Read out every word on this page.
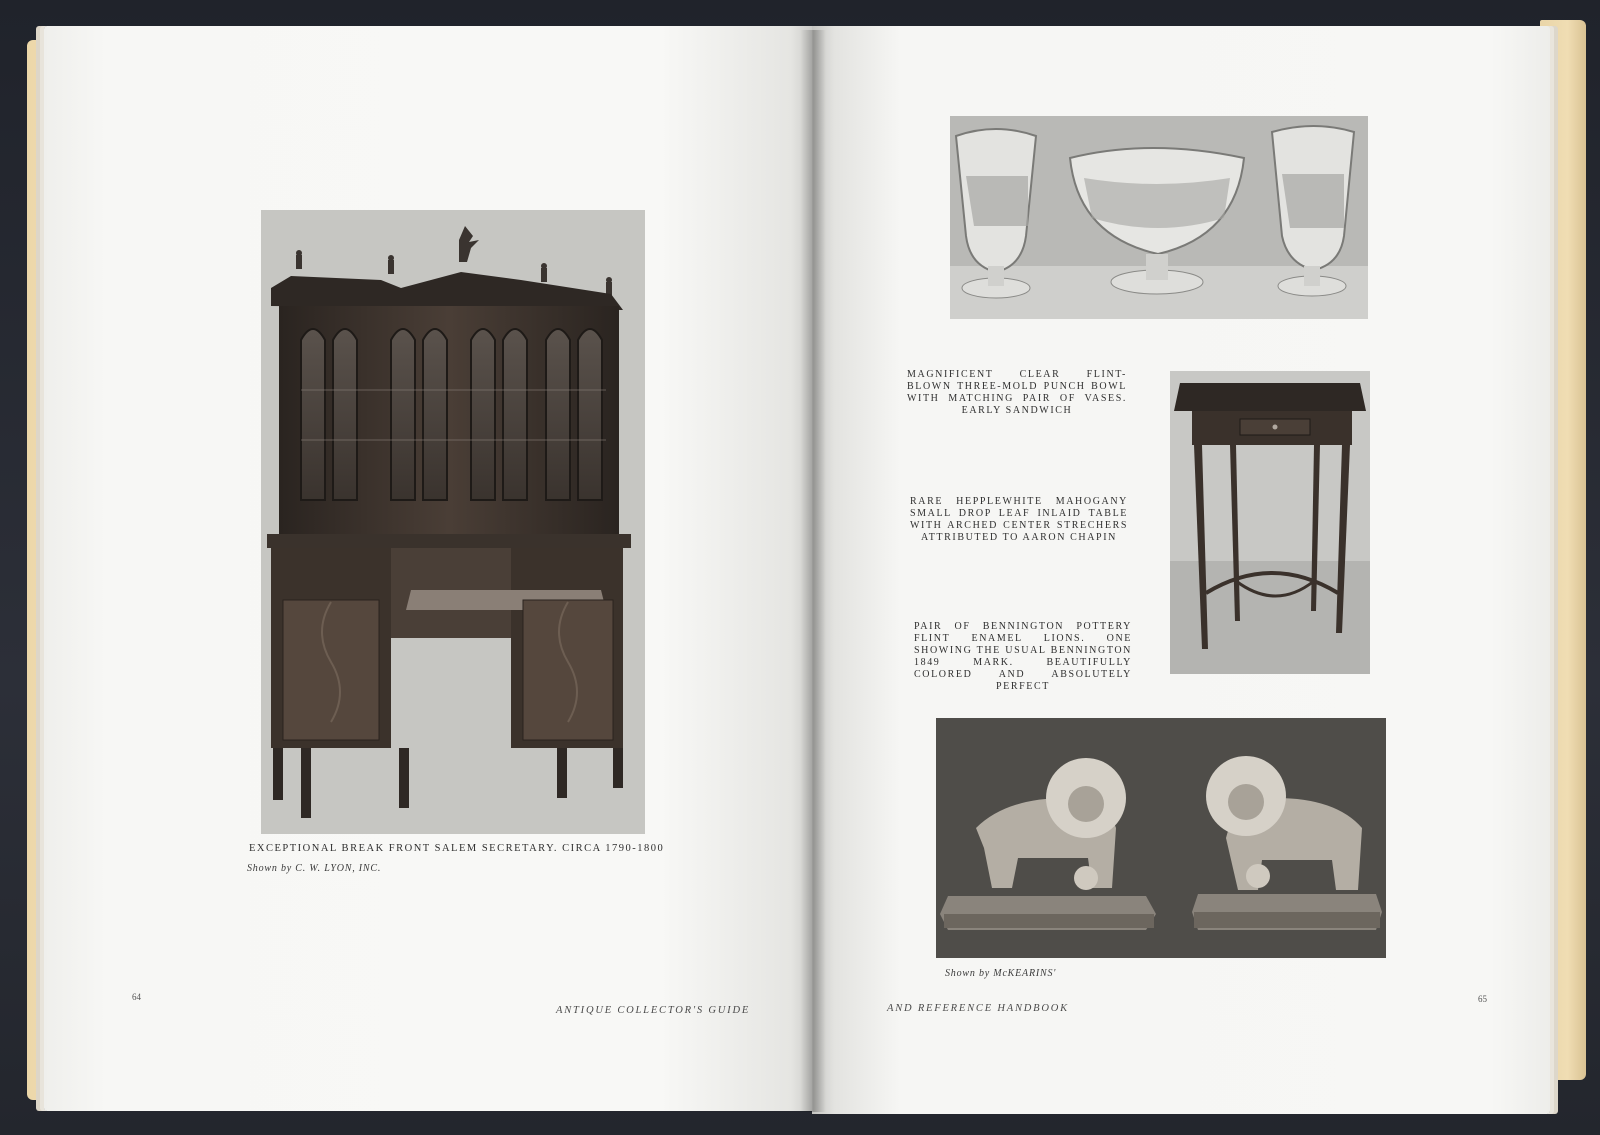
EXCEPTIONAL BREAK FRONT SALEM SECRETARY. CIRCA 1790-1800
Shown by C. W. LYON, INC.
64
ANTIQUE COLLECTOR'S GUIDE
MAGNIFICENT CLEAR FLINT-BLOWN THREE-MOLD PUNCH BOWL WITH MATCHING PAIR OF VASES. EARLY SANDWICH
RARE HEPPLEWHITE MAHOGANY SMALL DROP LEAF INLAID TABLE WITH ARCHED CENTER STRECHERS ATTRIBUTED TO AARON CHAPIN
PAIR OF BENNINGTON POTTERY FLINT ENAMEL LIONS. ONE SHOWING THE USUAL BENNINGTON 1849 MARK. BEAUTIFULLY COLORED AND ABSOLUTELY PERFECT
Shown by McKEARINS'
65
AND REFERENCE HANDBOOK
